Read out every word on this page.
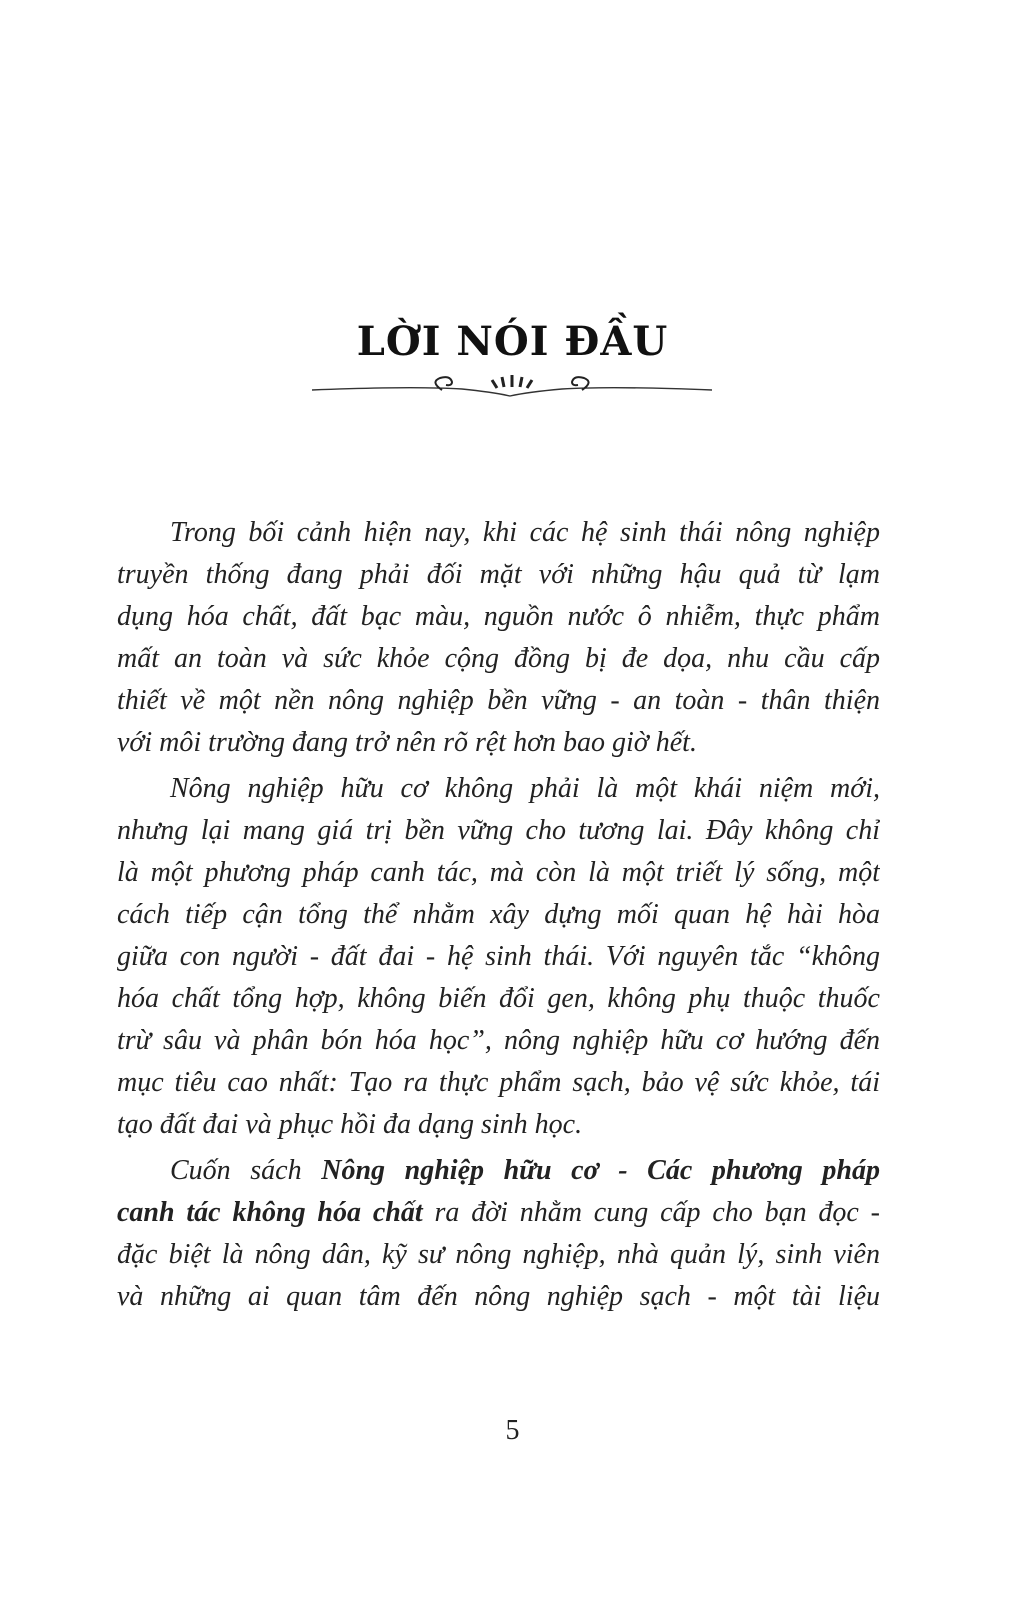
LỜI NÓI ĐẦU
Trong bối cảnh hiện nay, khi các hệ sinh thái nông nghiệp
truyền thống đang phải đối mặt với những hậu quả từ lạm
dụng hóa chất, đất bạc màu, nguồn nước ô nhiễm, thực phẩm
mất an toàn và sức khỏe cộng đồng bị đe dọa, nhu cầu cấp
thiết về một nền nông nghiệp bền vững - an toàn - thân thiện
với môi trường đang trở nên rõ rệt hơn bao giờ hết.
Nông nghiệp hữu cơ không phải là một khái niệm mới,
nhưng lại mang giá trị bền vững cho tương lai. Đây không chỉ
là một phương pháp canh tác, mà còn là một triết lý sống, một
cách tiếp cận tổng thể nhằm xây dựng mối quan hệ hài hòa
giữa con người - đất đai - hệ sinh thái. Với nguyên tắc “không
hóa chất tổng hợp, không biến đổi gen, không phụ thuộc thuốc
trừ sâu và phân bón hóa học”, nông nghiệp hữu cơ hướng đến
mục tiêu cao nhất: Tạo ra thực phẩm sạch, bảo vệ sức khỏe, tái
tạo đất đai và phục hồi đa dạng sinh học.
Cuốn sách Nông nghiệp hữu cơ - Các phương pháp
canh tác không hóa chất ra đời nhằm cung cấp cho bạn đọc -
đặc biệt là nông dân, kỹ sư nông nghiệp, nhà quản lý, sinh viên
và những ai quan tâm đến nông nghiệp sạch - một tài liệu
5
